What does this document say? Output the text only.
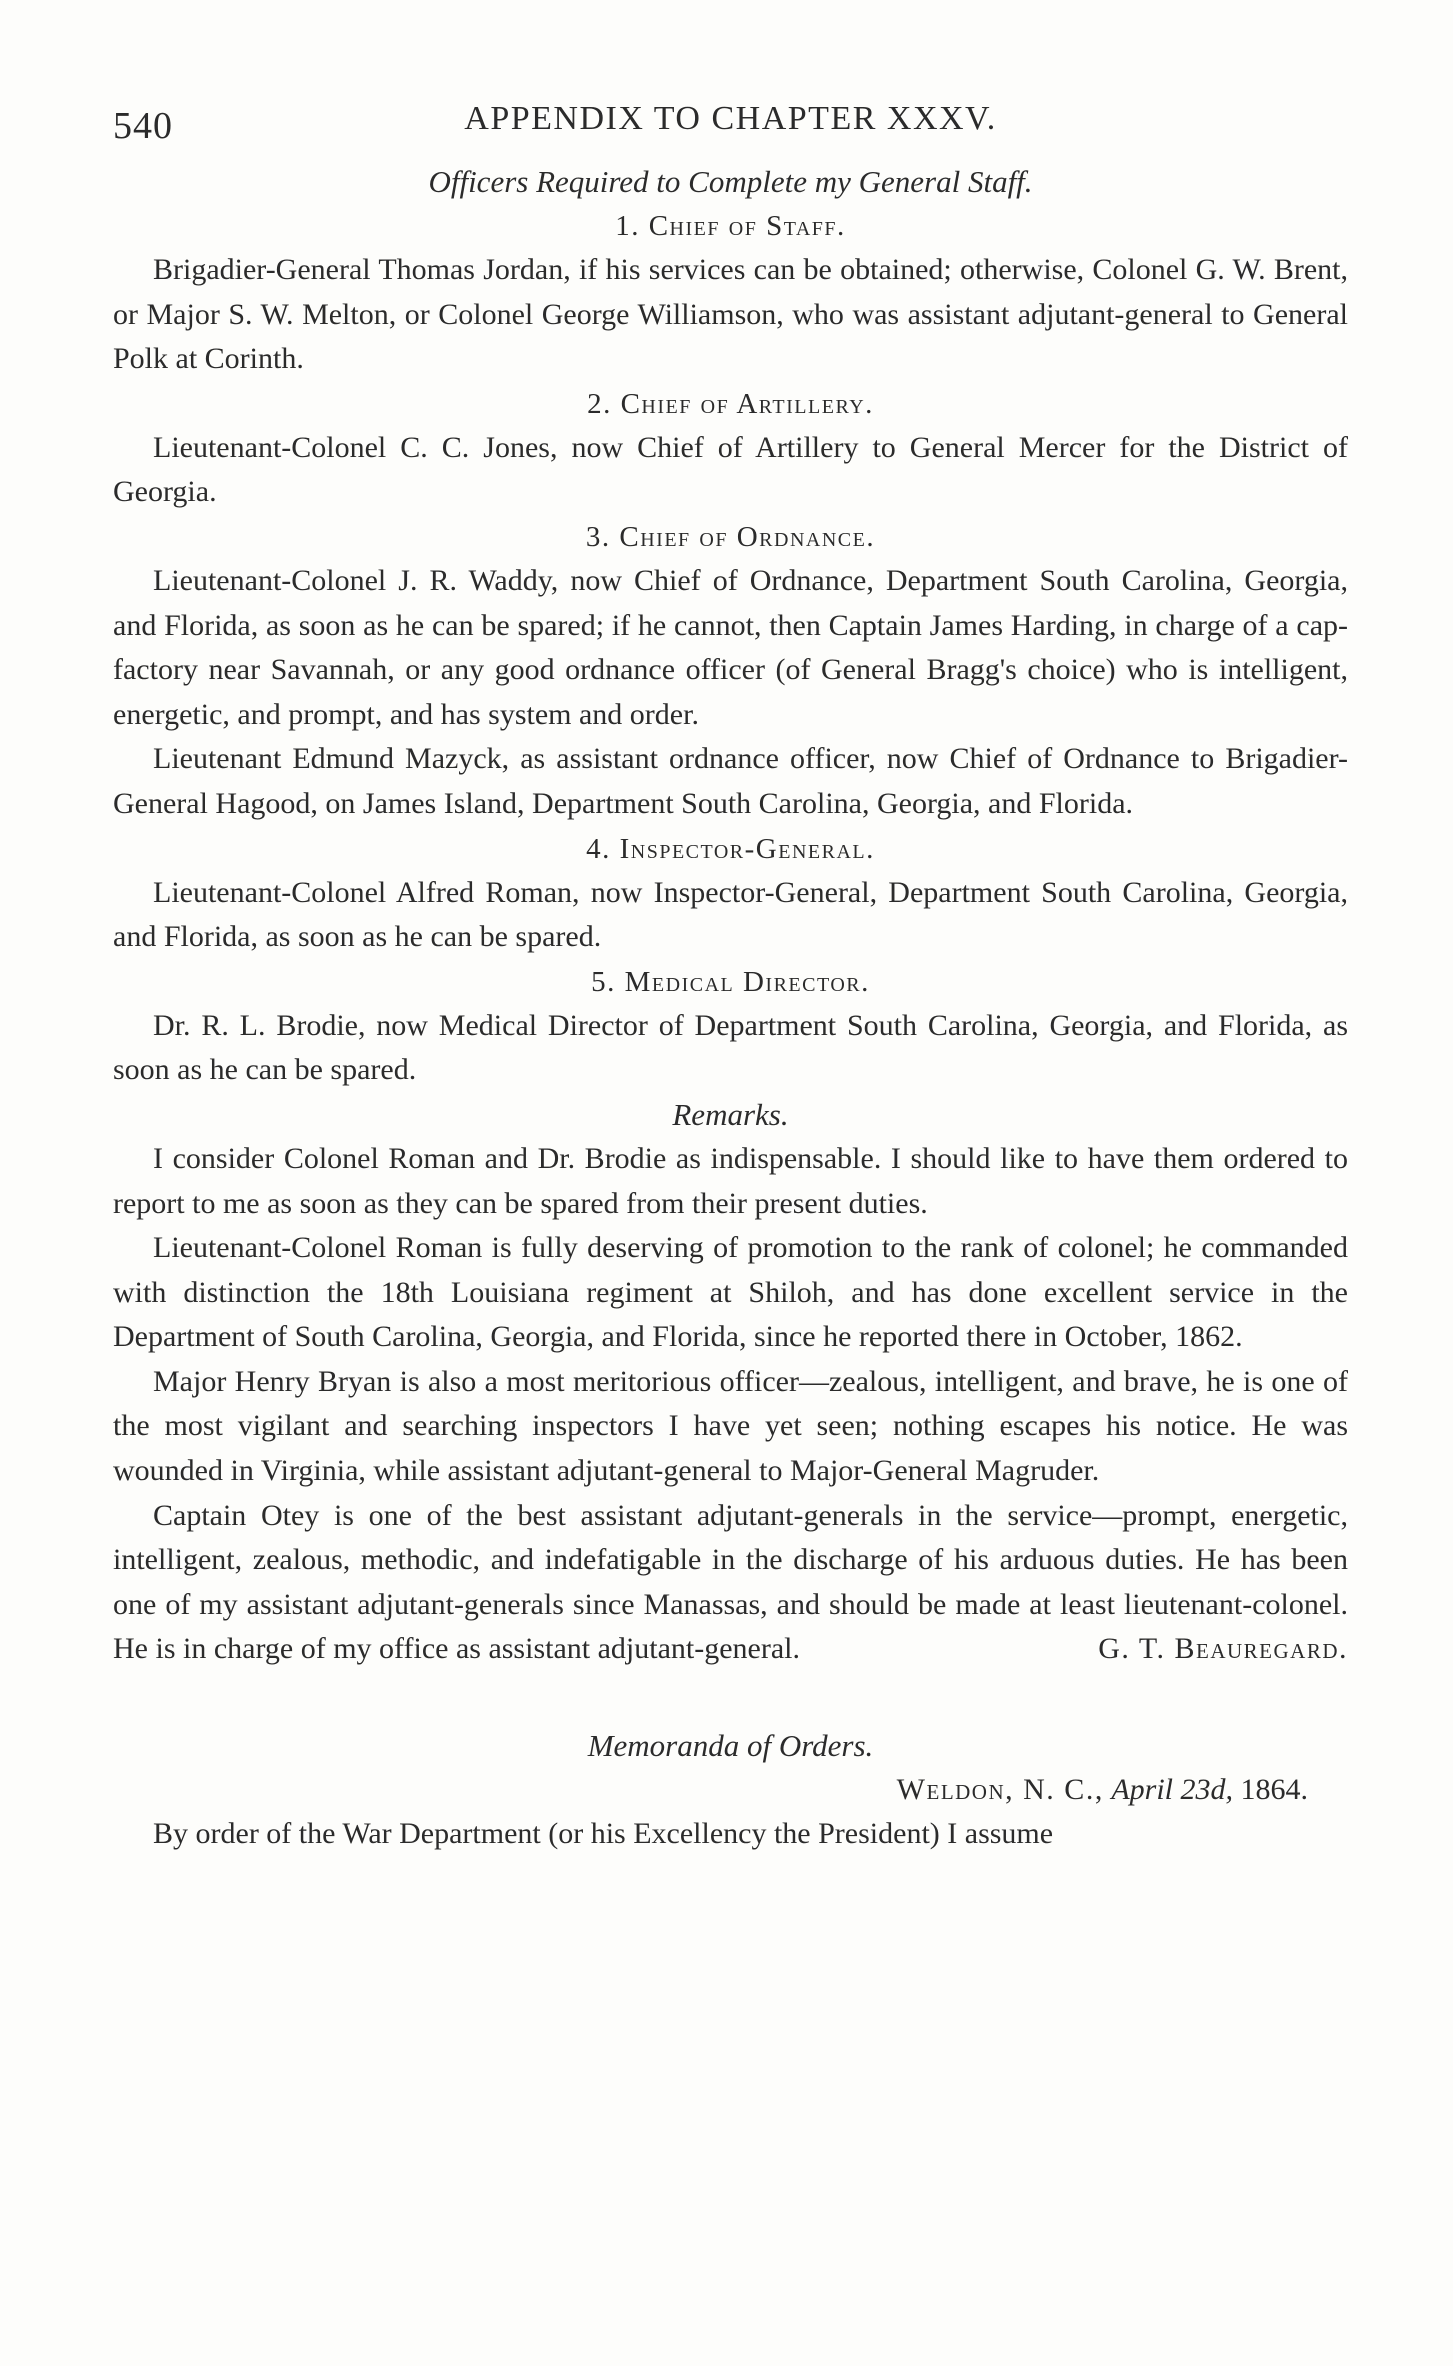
540	APPENDIX TO CHAPTER XXXV.
Officers Required to Complete my General Staff.
1. Chief of Staff.

Brigadier-General Thomas Jordan, if his services can be obtained; otherwise, Colonel G. W. Brent, or Major S. W. Melton, or Colonel George Williamson, who was assistant adjutant-general to General Polk at Corinth.

2. Chief of Artillery.

Lieutenant-Colonel C. C. Jones, now Chief of Artillery to General Mercer for the District of Georgia.

3. Chief of Ordnance.

Lieutenant-Colonel J. R. Waddy, now Chief of Ordnance, Department South Carolina, Georgia, and Florida, as soon as he can be spared; if he cannot, then Captain James Harding, in charge of a cap-factory near Savannah, or any good ordnance officer (of General Bragg's choice) who is intelligent, energetic, and prompt, and has system and order.

Lieutenant Edmund Mazyck, as assistant ordnance officer, now Chief of Ordnance to Brigadier-General Hagood, on James Island, Department South Carolina, Georgia, and Florida.

4. Inspector-General.

Lieutenant-Colonel Alfred Roman, now Inspector-General, Department South Carolina, Georgia, and Florida, as soon as he can be spared.

5. Medical Director.

Dr. R. L. Brodie, now Medical Director of Department South Carolina, Georgia, and Florida, as soon as he can be spared.

Remarks.

I consider Colonel Roman and Dr. Brodie as indispensable. I should like to have them ordered to report to me as soon as they can be spared from their present duties.

Lieutenant-Colonel Roman is fully deserving of promotion to the rank of colonel; he commanded with distinction the 18th Louisiana regiment at Shiloh, and has done excellent service in the Department of South Carolina, Georgia, and Florida, since he reported there in October, 1862.

Major Henry Bryan is also a most meritorious officer—zealous, intelligent, and brave, he is one of the most vigilant and searching inspectors I have yet seen; nothing escapes his notice. He was wounded in Virginia, while assistant adjutant-general to Major-General Magruder.

Captain Otey is one of the best assistant adjutant-generals in the service—prompt, energetic, intelligent, zealous, methodic, and indefatigable in the discharge of his arduous duties. He has been one of my assistant adjutant-generals since Manassas, and should be made at least lieutenant-colonel. He is in charge of my office as assistant adjutant-general.	G. T. Beauregard.

Memoranda of Orders.

Weldon, N. C., April 23d, 1864.

By order of the War Department (or his Excellency the President) I assume
